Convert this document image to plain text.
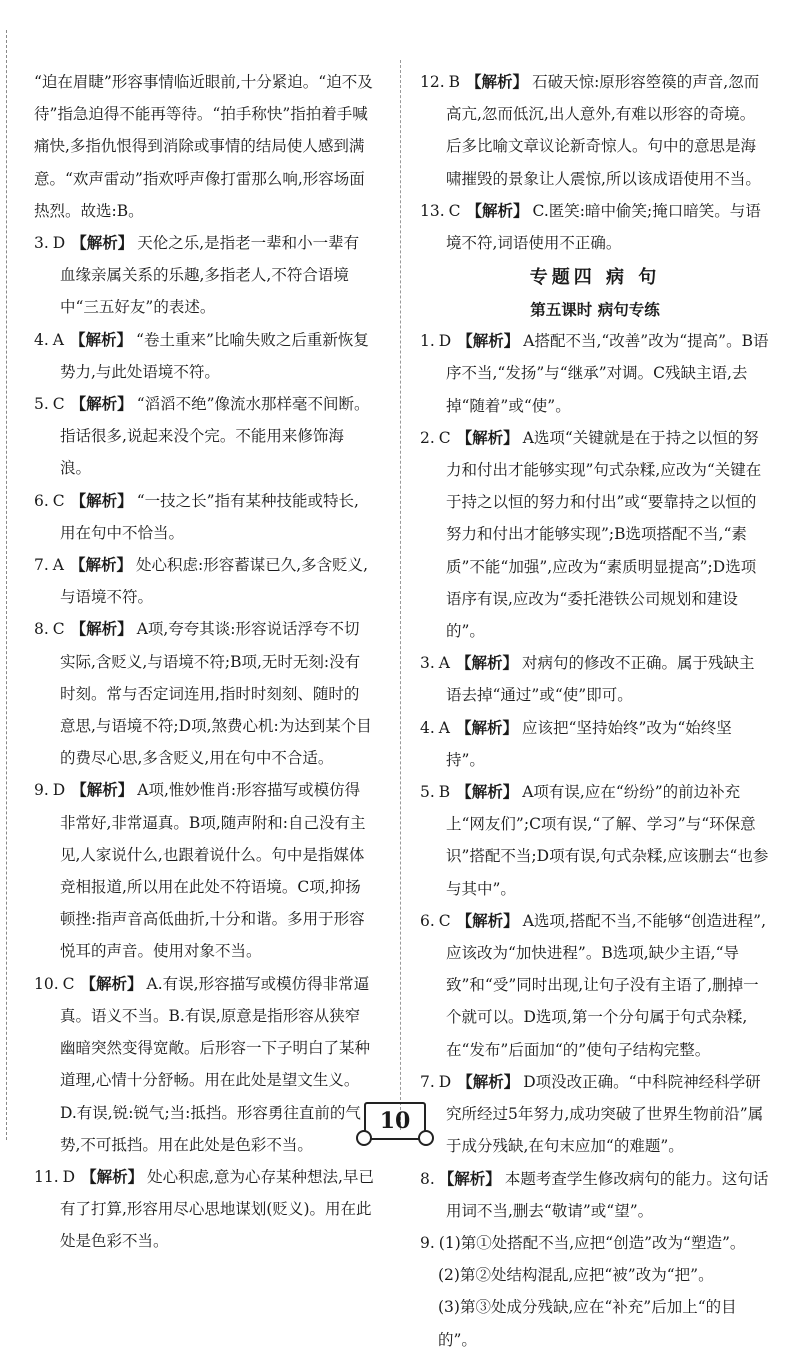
“迫在眉睫”形容事情临近眼前,十分紧迫。“迫不及待”指急迫得不能再等待。“拍手称快”指拍着手喊痛快,多指仇恨得到消除或事情的结局使人感到满意。“欢声雷动”指欢呼声像打雷那么响,形容场面热烈。故选:B。

3. D 【解析】 天伦之乐,是指老一辈和小一辈有血缘亲属关系的乐趣,多指老人,不符合语境中“三五好友”的表述。

4. A 【解析】 “卷土重来”比喻失败之后重新恢复势力,与此处语境不符。

5. C 【解析】 “滔滔不绝”像流水那样毫不间断。指话很多,说起来没个完。不能用来修饰海浪。

6. C 【解析】 “一技之长”指有某种技能或特长,用在句中不恰当。

7. A 【解析】 处心积虑:形容蓄谋已久,多含贬义,与语境不符。

8. C 【解析】 A项,夸夸其谈:形容说话浮夸不切实际,含贬义,与语境不符;B项,无时无刻:没有时刻。常与否定词连用,指时时刻刻、随时的意思,与语境不符;D项,煞费心机:为达到某个目的费尽心思,多含贬义,用在句中不合适。

9. D 【解析】 A项,惟妙惟肖:形容描写或模仿得非常好,非常逼真。B项,随声附和:自己没有主见,人家说什么,也跟着说什么。句中是指媒体竞相报道,所以用在此处不符语境。C项,抑扬顿挫:指声音高低曲折,十分和谐。多用于形容悦耳的声音。使用对象不当。

10. C 【解析】 A.有误,形容描写或模仿得非常逼真。语义不当。B.有误,原意是指形容从狭窄幽暗突然变得宽敞。后形容一下子明白了某种道理,心情十分舒畅。用在此处是望文生义。D.有误,锐:锐气;当:抵挡。形容勇往直前的气势,不可抵挡。用在此处是色彩不当。

11. D 【解析】 处心积虑,意为心存某种想法,早已有了打算,形容用尽心思地谋划(贬义)。用在此处是色彩不当。

12. B 【解析】 石破天惊:原形容箜篌的声音,忽而高亢,忽而低沉,出人意外,有难以形容的奇境。后多比喻文章议论新奇惊人。句中的意思是海啸摧毁的景象让人震惊,所以该成语使用不当。

13. C 【解析】 C.匿笑:暗中偷笑;掩口暗笑。与语境不符,词语使用不正确。

专题四 病 句
第五课时 病句专练

1. D 【解析】 A搭配不当,“改善”改为“提高”。B语序不当,“发扬”与“继承”对调。C残缺主语,去掉“随着”或“使”。

2. C 【解析】 A选项“关键就是在于持之以恒的努力和付出才能够实现”句式杂糅,应改为“关键在于持之以恒的努力和付出”或“要靠持之以恒的努力和付出才能够实现”;B选项搭配不当,“素质”不能“加强”,应改为“素质明显提高”;D选项语序有误,应改为“委托港铁公司规划和建设的”。

3. A 【解析】 对病句的修改不正确。属于残缺主语去掉“通过”或“使”即可。

4. A 【解析】 应该把“坚持始终”改为“始终坚持”。

5. B 【解析】 A项有误,应在“纷纷”的前边补充上“网友们”;C项有误,“了解、学习”与“环保意识”搭配不当;D项有误,句式杂糅,应该删去“也参与其中”。

6. C 【解析】 A选项,搭配不当,不能够“创造进程”,应该改为“加快进程”。B选项,缺少主语,“导致”和“受”同时出现,让句子没有主语了,删掉一个就可以。D选项,第一个分句属于句式杂糅,在“发布”后面加“的”使句子结构完整。

7. D 【解析】 D项没改正确。“中科院神经科学研究所经过5年努力,成功突破了世界生物前沿”属于成分残缺,在句末应加“的难题”。

8. 【解析】 本题考查学生修改病句的能力。这句话用词不当,删去“敬请”或“望”。

9. (1)第①处搭配不当,应把“创造”改为“塑造”。

(2)第②处结构混乱,应把“被”改为“把”。

(3)第③处成分残缺,应在“补充”后加上“的目的”。

10
